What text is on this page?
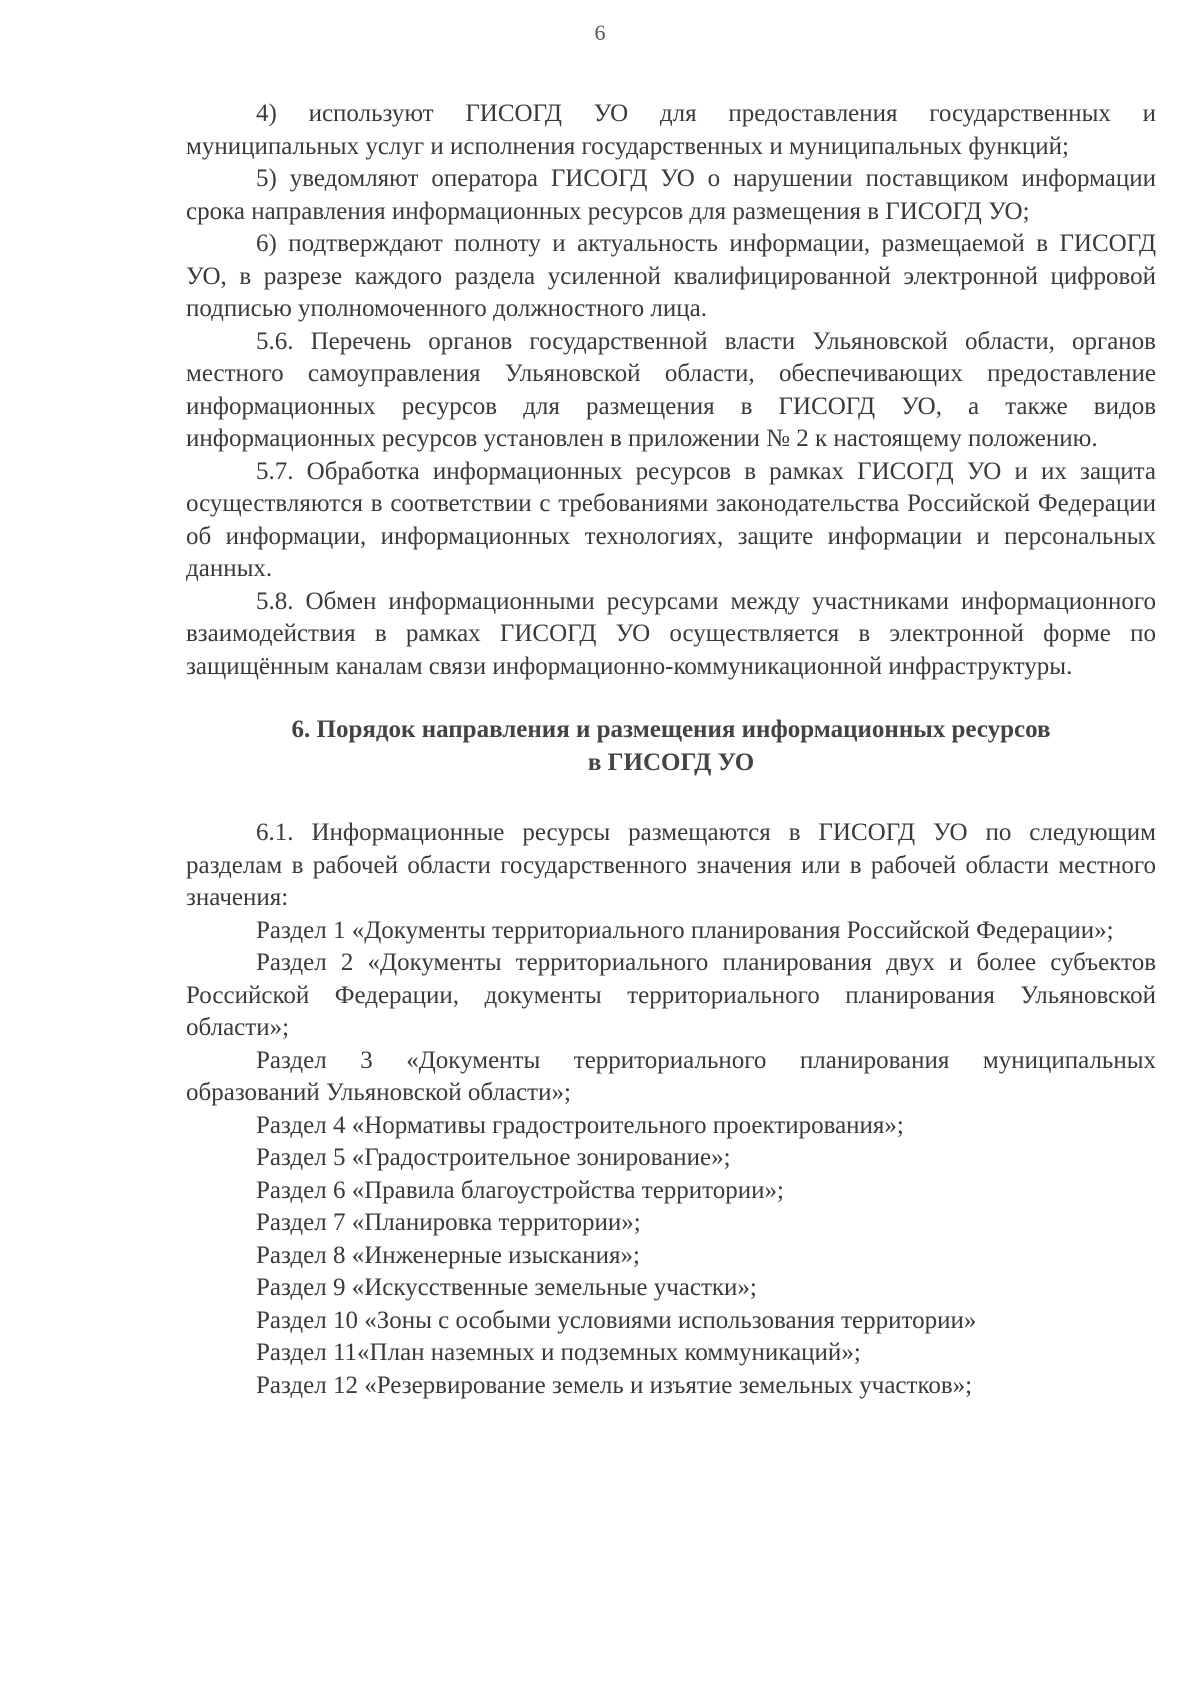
6

4) используют ГИСОГД УО для предоставления государственных и муниципальных услуг и исполнения государственных и муниципальных функций;

5) уведомляют оператора ГИСОГД УО о нарушении поставщиком информации срока направления информационных ресурсов для размещения в ГИСОГД УО;

6) подтверждают полноту и актуальность информации, размещаемой в ГИСОГД УО, в разрезе каждого раздела усиленной квалифицированной электронной цифровой подписью уполномоченного должностного лица.

5.6. Перечень органов государственной власти Ульяновской области, органов местного самоуправления Ульяновской области, обеспечивающих предоставление информационных ресурсов для размещения в ГИСОГД УО, а также видов информационных ресурсов установлен в приложении № 2 к настоящему положению.

5.7. Обработка информационных ресурсов в рамках ГИСОГД УО и их защита осуществляются в соответствии с требованиями законодательства Российской Федерации об информации, информационных технологиях, защите информации и персональных данных.

5.8. Обмен информационными ресурсами между участниками информационного взаимодействия в рамках ГИСОГД УО осуществляется в электронной форме по защищённым каналам связи информационно-коммуникационной инфраструктуры.

6. Порядок направления и размещения информационных ресурсов
в ГИСОГД УО

6.1. Информационные ресурсы размещаются в ГИСОГД УО по следующим разделам в рабочей области государственного значения или в рабочей области местного значения:

Раздел 1 «Документы территориального планирования Российской Федерации»;

Раздел 2 «Документы территориального планирования двух и более субъектов Российской Федерации, документы территориального планирования Ульяновской области»;

Раздел 3 «Документы территориального планирования муниципальных образований Ульяновской области»;

Раздел 4 «Нормативы градостроительного проектирования»;

Раздел 5 «Градостроительное зонирование»;

Раздел 6 «Правила благоустройства территории»;

Раздел 7 «Планировка территории»;

Раздел 8 «Инженерные изыскания»;

Раздел 9 «Искусственные земельные участки»;

Раздел 10 «Зоны с особыми условиями использования территории»

Раздел 11«План наземных и подземных коммуникаций»;

Раздел 12 «Резервирование земель и изъятие земельных участков»;
